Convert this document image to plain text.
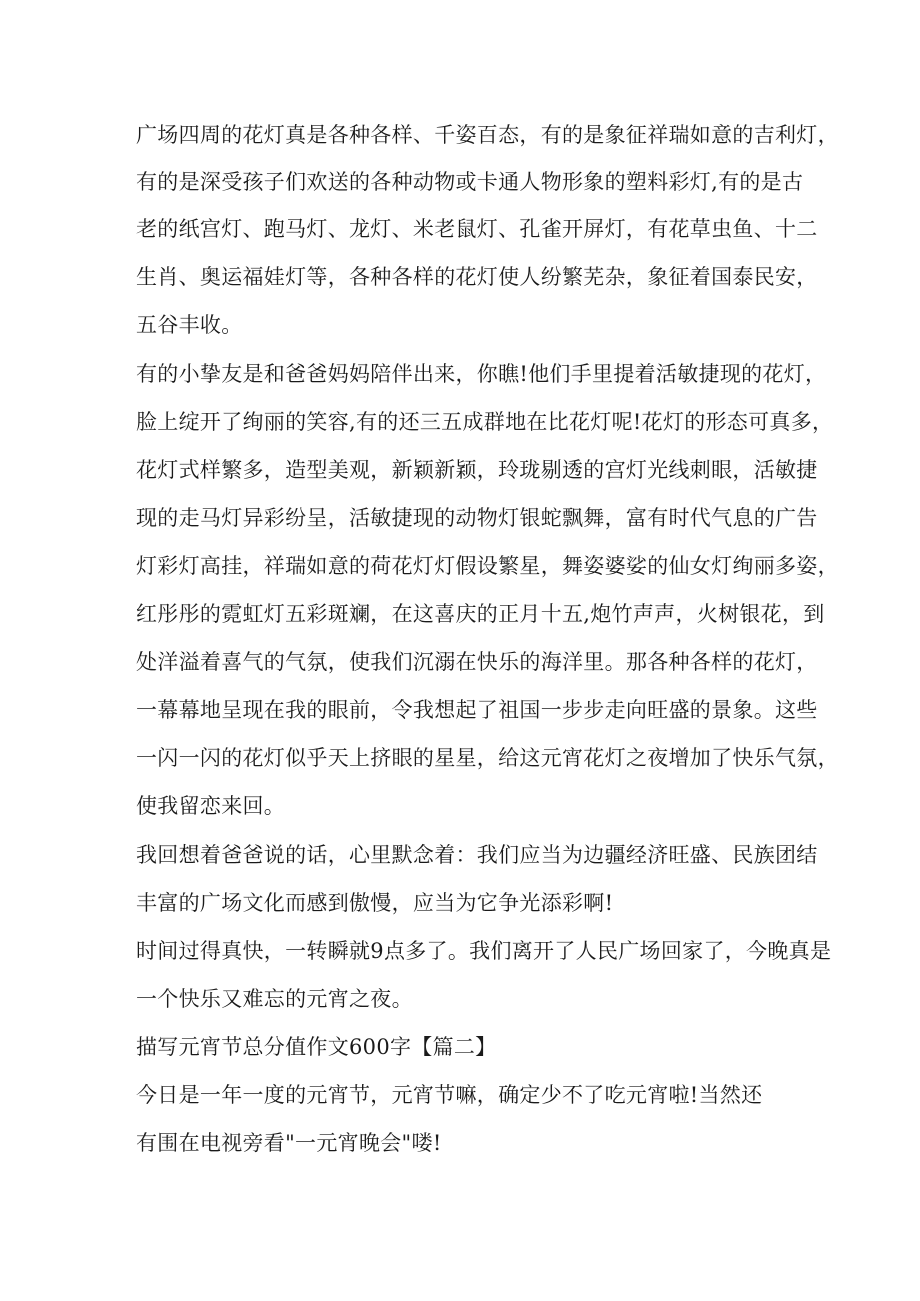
广场四周的花灯真是各种各样、千姿百态，有的是象征祥瑞如意的吉利灯，
有的是深受孩子们欢送的各种动物或卡通人物形象的塑料彩灯,有的是古
老的纸宫灯、跑马灯、龙灯、米老鼠灯、孔雀开屏灯，有花草虫鱼、十二
生肖、奥运福娃灯等，各种各样的花灯使人纷繁芜杂，象征着国泰民安，
五谷丰收。
有的小挚友是和爸爸妈妈陪伴出来，你瞧!他们手里提着活敏捷现的花灯，
脸上绽开了绚丽的笑容,有的还三五成群地在比花灯呢!花灯的形态可真多，
花灯式样繁多，造型美观，新颖新颖，玲珑剔透的宫灯光线刺眼，活敏捷
现的走马灯异彩纷呈，活敏捷现的动物灯银蛇飘舞，富有时代气息的广告
灯彩灯高挂，祥瑞如意的荷花灯灯假设繁星，舞姿婆娑的仙女灯绚丽多姿，
红彤彤的霓虹灯五彩斑斓，在这喜庆的正月十五,炮竹声声，火树银花，到
处洋溢着喜气的气氛，使我们沉溺在快乐的海洋里。那各种各样的花灯，
一幕幕地呈现在我的眼前，令我想起了祖国一步步走向旺盛的景象。这些
一闪一闪的花灯似乎天上挤眼的星星，给这元宵花灯之夜增加了快乐气氛，
使我留恋来回。
我回想着爸爸说的话，心里默念着：我们应当为边疆经济旺盛、民族团结
丰富的广场文化而感到傲慢，应当为它争光添彩啊!
时间过得真快，一转瞬就9点多了。我们离开了人民广场回家了，今晚真是
一个快乐又难忘的元宵之夜。
描写元宵节总分值作文600字【篇二】
今日是一年一度的元宵节，元宵节嘛，确定少不了吃元宵啦!当然还
有围在电视旁看"一元宵晚会"喽!
